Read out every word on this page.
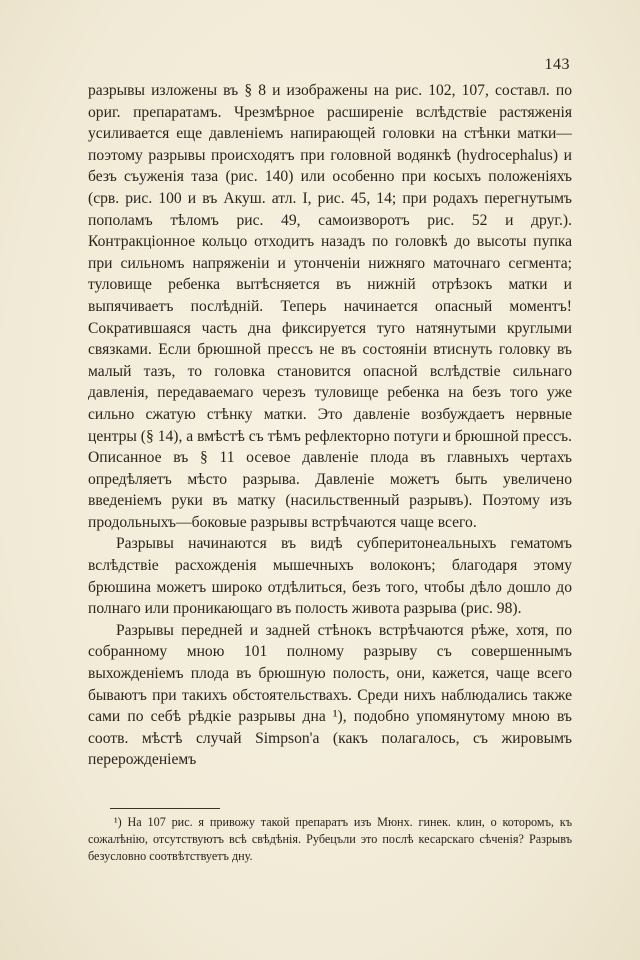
143

разрывы изложены въ § 8 и изображены на рис. 102, 107, составл. по ориг. препаратамъ. Чрезмѣрное расширеніе вслѣдствіе растяженія усиливается еще давленіемъ напирающей головки на стѣнки матки—поэтому разрывы происходятъ при головной водянкѣ (hydrocephalus) и безъ съуженія таза (рис. 140) или особенно при косыхъ положеніяхъ (срв. рис. 100 и въ Акуш. атл. I, рис. 45, 14; при родахъ перегнутымъ пополамъ тѣломъ рис. 49, самоизворотъ рис. 52 и друг.). Контракціонное кольцо отходитъ назадъ по головкѣ до высоты пупка при сильномъ напряженіи и утонченіи нижняго маточнаго сегмента; туловище ребенка вытѣсняется въ нижній отрѣзокъ матки и выпячиваетъ послѣдній. Теперь начинается опасный моментъ! Сократившаяся часть дна фиксируется туго натянутыми круглыми связками. Если брюшной прессъ не въ состояніи втиснуть головку въ малый тазъ, то головка становится опасной вслѣдствіе сильнаго давленія, передаваемаго черезъ туловище ребенка на безъ того уже сильно сжатую стѣнку матки. Это давленіе возбуждаетъ нервные центры (§ 14), а вмѣстѣ съ тѣмъ рефлекторно потуги и брюшной прессъ. Описанное въ § 11 осевое давленіе плода въ главныхъ чертахъ опредѣляетъ мѣсто разрыва. Давленіе можетъ быть увеличено введеніемъ руки въ матку (насильственный разрывъ). Поэтому изъ продольныхъ—боковые разрывы встрѣчаются чаще всего.

Разрывы начинаются въ видѣ субперитонеальныхъ гематомъ вслѣдствіе расхожденія мышечныхъ волоконъ; благодаря этому брюшина можетъ широко отдѣлиться, безъ того, чтобы дѣло дошло до полнаго или проникающаго въ полость живота разрыва (рис. 98).

Разрывы передней и задней стѣнокъ встрѣчаются рѣже, хотя, по собранному мною 101 полному разрыву съ совершеннымъ выхожденіемъ плода въ брюшную полость, они, кажется, чаще всего бываютъ при такихъ обстоятельствахъ. Среди нихъ наблюдались также сами по себѣ рѣдкіе разрывы дна ¹), подобно упомянутому мною въ соотв. мѣстѣ случай Simpson'а (какъ полагалось, съ жировымъ перерожденіемъ

¹) На 107 рис. я привожу такой препаратъ изъ Мюнх. гинек. клин, о которомъ, къ сожалѣнію, отсутствуютъ всѣ свѣдѣнія. Рубецъли это послѣ кесарскаго сѣченія? Разрывъ безусловно соотвѣтствуетъ дну.
